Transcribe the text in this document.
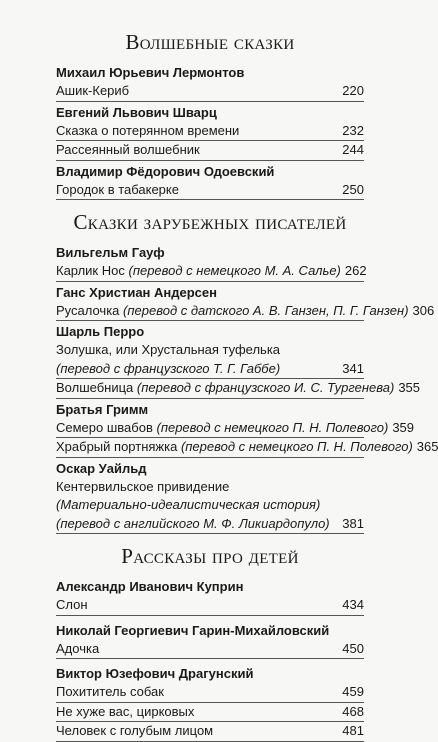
Волшебные сказки
Михаил Юрьевич Лермонтов
Ашик-Кериб	220
Евгений Львович Шварц
Сказка о потерянном времени	232
Рассеянный волшебник	244
Владимир Фёдорович Одоевский
Городок в табакерке	250
Сказки зарубежных писателей
Вильгельм Гауф
Карлик Нос (перевод с немецкого М. А. Салье) 262
Ганс Христиан Андерсен
Русалочка (перевод с датского А. В. Ганзен, П. Г. Ганзен) 306
Шарль Перро
Золушка, или Хрустальная туфелька
(перевод с французского Т. Г. Габбе)	341
Волшебница (перевод с французского И. С. Тургенева) 355
Братья Гримм
Семеро швабов (перевод с немецкого П. Н. Полевого) 359
Храбрый портняжка (перевод с немецкого П. Н. Полевого) 365
Оскар Уайльд
Кентервильское привидение
(Материально-идеалистическая история)
(перевод с английского М. Ф. Ликиардопуло) 381
Рассказы про детей
Александр Иванович Куприн
Слон	434
Николай Георгиевич Гарин-Михайловский
Адочка	450
Виктор Юзефович Драгунский
Похититель собак	459
Не хуже вас, цирковых	468
Человек с голубым лицом	481
